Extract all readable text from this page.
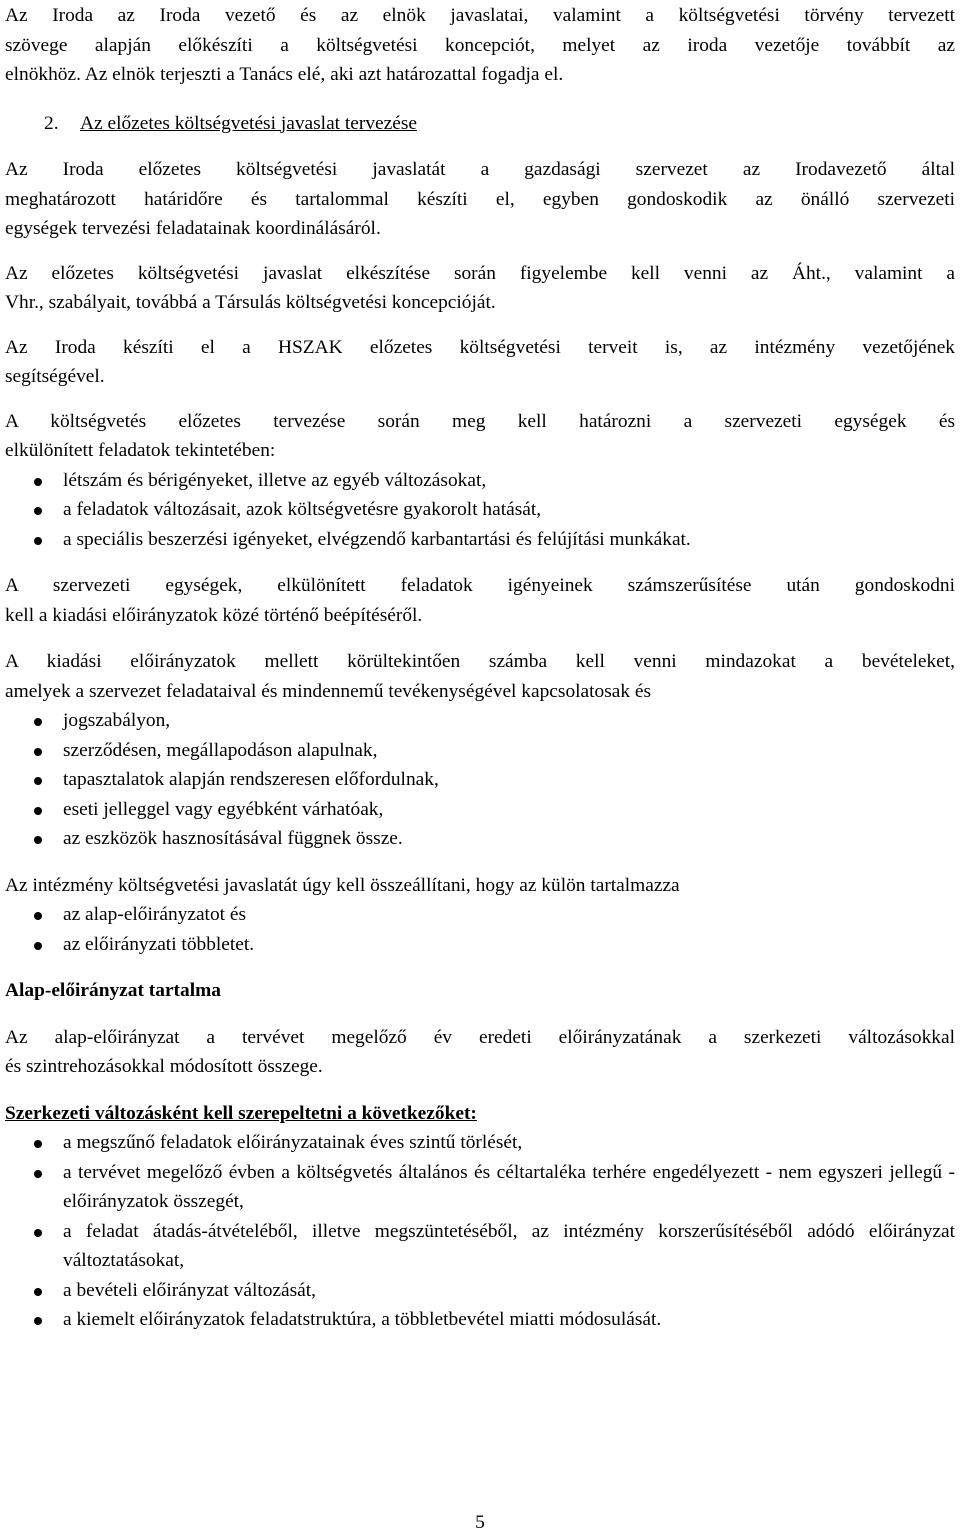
Az Iroda az Iroda vezető és az elnök javaslatai, valamint a költségvetési törvény tervezett

szövege alapján előkészíti a költségvetési koncepciót, melyet az iroda vezetője továbbít az

elnökhöz. Az elnök terjeszti a Tanács elé, aki azt határozattal fogadja el.

2. Az előzetes költségvetési javaslat tervezése

Az Iroda előzetes költségvetési javaslatát a gazdasági szervezet az Irodavezető által

meghatározott határidőre és tartalommal készíti el, egyben gondoskodik az önálló szervezeti

egységek tervezési feladatainak koordinálásáról.

Az előzetes költségvetési javaslat elkészítése során figyelembe kell venni az Áht., valamint a

Vhr., szabályait, továbbá a Társulás költségvetési koncepcióját.

Az Iroda készíti el a HSZAK előzetes költségvetési terveit is, az intézmény vezetőjének

segítségével.

A költségvetés előzetes tervezése során meg kell határozni a szervezeti egységek és

elkülönített feladatok tekintetében:

létszám és bérigényeket, illetve az egyéb változásokat,
a feladatok változásait, azok költségvetésre gyakorolt hatását,
a speciális beszerzési igényeket, elvégzendő karbantartási és felújítási munkákat.

A szervezeti egységek, elkülönített feladatok igényeinek számszerűsítése után gondoskodni

kell a kiadási előirányzatok közé történő beépítéséről.

A kiadási előirányzatok mellett körültekintően számba kell venni mindazokat a bevételeket,

amelyek a szervezet feladataival és mindennemű tevékenységével kapcsolatosak és

jogszabályon,
szerződésen, megállapodáson alapulnak,
tapasztalatok alapján rendszeresen előfordulnak,
eseti jelleggel vagy egyébként várhatóak,
az eszközök hasznosításával függnek össze.

Az intézmény költségvetési javaslatát úgy kell összeállítani, hogy az külön tartalmazza

az alap-előirányzatot és
az előirányzati többletet.

Alap-előirányzat tartalma

Az alap-előirányzat a tervévet megelőző év eredeti előirányzatának a szerkezeti változásokkal

és szintrehozásokkal módosított összege.

Szerkezeti változásként kell szerepeltetni a következőket:

a megszűnő feladatok előirányzatainak éves szintű törlését,
a tervévet megelőző évben a költségvetés általános és céltartaléka terhére engedélyezett - nem egyszeri jellegű - előirányzatok összegét,
a feladat átadás-átvételéből, illetve megszüntetéséből, az intézmény korszerűsítéséből adódó előirányzat változtatásokat,
a bevételi előirányzat változását,
a kiemelt előirányzatok feladatstruktúra, a többletbevétel miatti módosulását.
5
